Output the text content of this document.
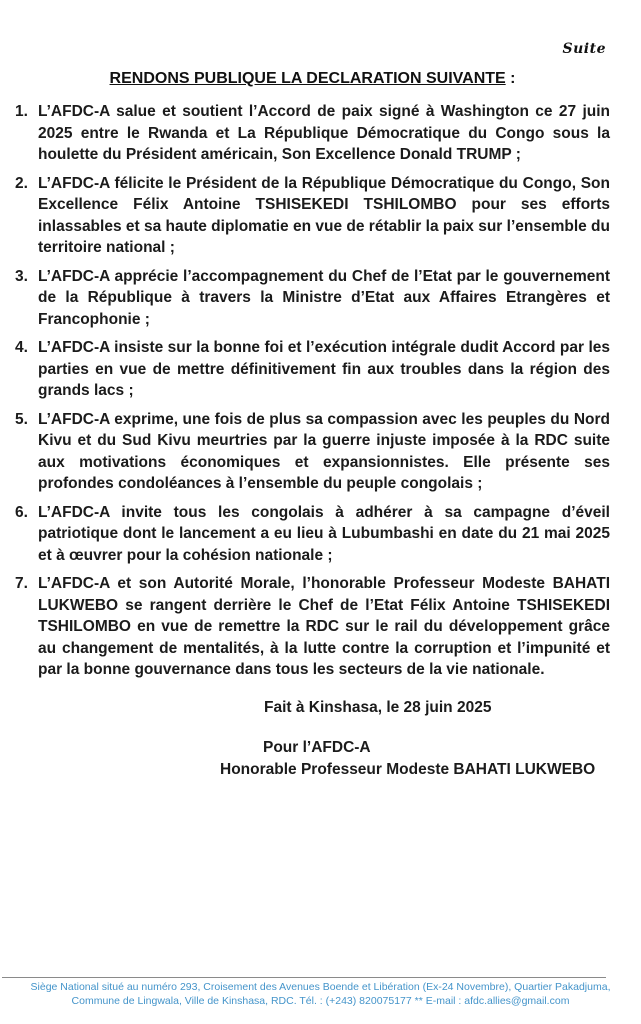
Suite
RENDONS PUBLIQUE LA DECLARATION SUIVANTE :
1. L’AFDC-A salue et soutient l’Accord de paix signé à Washington ce 27 juin 2025 entre le Rwanda et La République Démocratique du Congo sous la houlette du Président américain, Son Excellence Donald TRUMP ;
2. L’AFDC-A félicite le Président de la République Démocratique du Congo, Son Excellence Félix Antoine TSHISEKEDI TSHILOMBO pour ses efforts inlassables et sa haute diplomatie en vue de rétablir la paix sur l’ensemble du territoire national ;
3. L’AFDC-A apprécie l’accompagnement du Chef de l’Etat par le gouvernement de la République à travers la Ministre d’Etat aux Affaires Etrangères et Francophonie ;
4. L’AFDC-A insiste sur la bonne foi et l’exécution intégrale dudit Accord par les parties en vue de mettre définitivement fin aux troubles dans la région des grands lacs ;
5. L’AFDC-A exprime, une fois de plus sa compassion avec les peuples du Nord Kivu et du Sud Kivu meurtries par la guerre injuste imposée à la RDC suite aux motivations économiques et expansionnistes. Elle présente ses profondes condoléances à l’ensemble du peuple congolais ;
6. L’AFDC-A invite tous les congolais à adhérer à sa campagne d’éveil patriotique dont le lancement a eu lieu à Lubumbashi en date du 21 mai 2025 et à œuvrer pour la cohésion nationale ;
7. L’AFDC-A et son Autorité Morale, l’honorable Professeur Modeste BAHATI LUKWEBO se rangent derrière le Chef de l’Etat Félix Antoine TSHISEKEDI TSHILOMBO en vue de remettre la RDC sur le rail du développement grâce au changement de mentalités, à la lutte contre la corruption et l’impunité et par la bonne gouvernance dans tous les secteurs de la vie nationale.
Fait à Kinshasa, le 28 juin 2025
Pour l’AFDC-A
Honorable Professeur Modeste BAHATI LUKWEBO
Siège National situé au numéro 293, Croisement des Avenues Boende et Libération (Ex-24 Novembre), Quartier Pakadjuma,
Commune de Lingwala, Ville de Kinshasa, RDC. Tél. : (+243) 820075177 ** E-mail : afdc.allies@gmail.com
